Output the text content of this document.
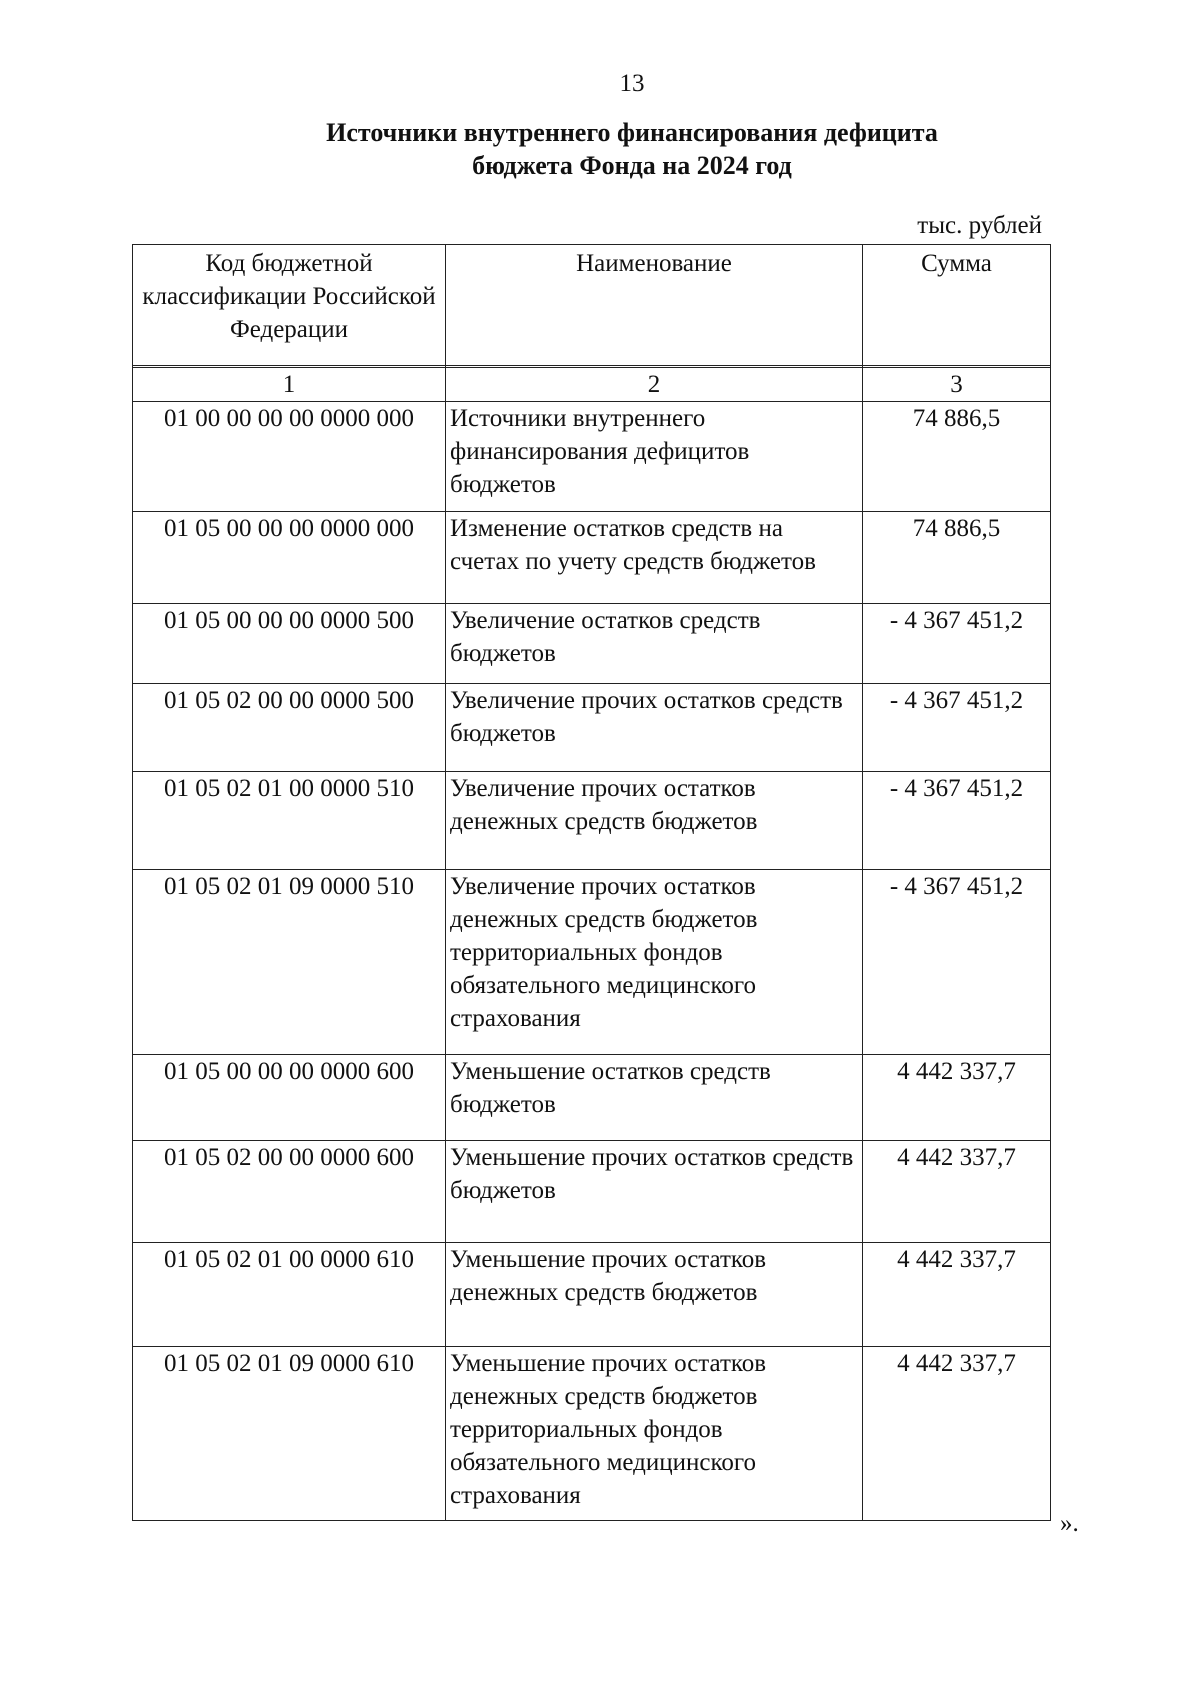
13
Источники внутреннего финансирования дефицита
бюджета Фонда на 2024 год
тыс. рублей
Код бюджетной классификации Российской Федерации	Наименование	Сумма

1	2	3
01 00 00 00 00 0000 000	Источники внутреннего финансирования дефицитов бюджетов	74 886,5
01 05 00 00 00 0000 000	Изменение остатков средств на счетах по учету средств бюджетов	74 886,5
01 05 00 00 00 0000 500	Увеличение остатков средств бюджетов	- 4 367 451,2
01 05 02 00 00 0000 500	Увеличение прочих остатков средств бюджетов	- 4 367 451,2
01 05 02 01 00 0000 510	Увеличение прочих остатков денежных средств бюджетов	- 4 367 451,2
01 05 02 01 09 0000 510	Увеличение прочих остатков денежных средств бюджетов территориальных фондов обязательного медицинского страхования	- 4 367 451,2
01 05 00 00 00 0000 600	Уменьшение остатков средств бюджетов	4 442 337,7
01 05 02 00 00 0000 600	Уменьшение прочих остатков средств бюджетов	4 442 337,7
01 05 02 01 00 0000 610	Уменьшение прочих остатков денежных средств бюджетов	4 442 337,7
01 05 02 01 09 0000 610	Уменьшение прочих остатков денежных средств бюджетов территориальных фондов обязательного медицинского страхования	4 442 337,7
».
